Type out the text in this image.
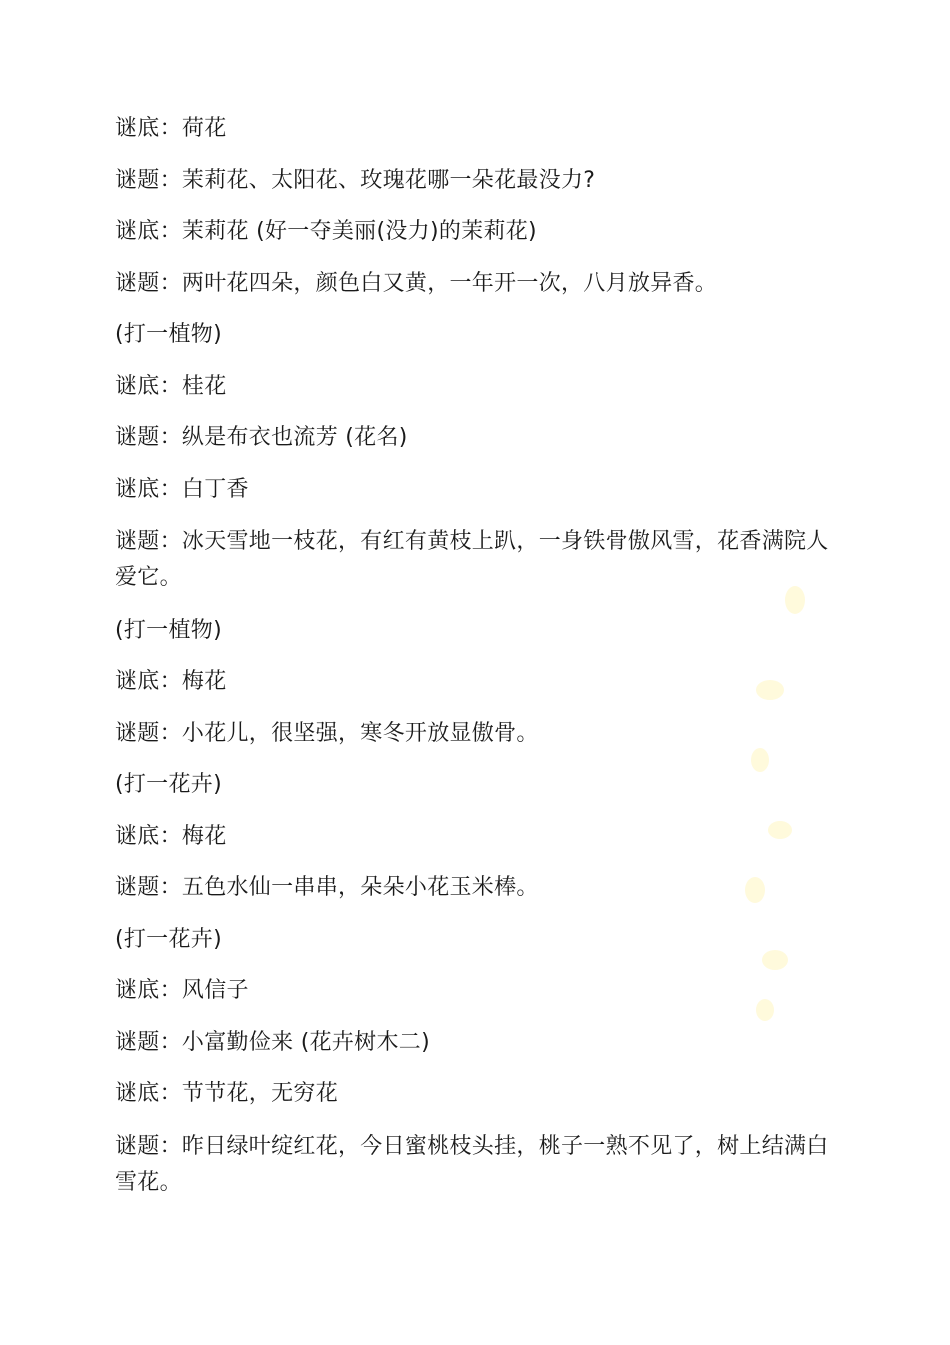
谜底：荷花

谜题：茉莉花、太阳花、玫瑰花哪一朵花最没力?

谜底：茉莉花 (好一夺美丽(没力)的茉莉花)

谜题：两叶花四朵，颜色白又黄，一年开一次，八月放异香。

(打一植物)

谜底：桂花

谜题：纵是布衣也流芳 (花名)

谜底：白丁香

谜题：冰天雪地一枝花，有红有黄枝上趴，一身铁骨傲风雪，花香满院人爱它。

(打一植物)

谜底：梅花

谜题：小花儿，很坚强，寒冬开放显傲骨。

(打一花卉)

谜底：梅花

谜题：五色水仙一串串，朵朵小花玉米棒。

(打一花卉)

谜底：风信子

谜题：小富勤俭来 (花卉树木二)

谜底：节节花，无穷花

谜题：昨日绿叶绽红花，今日蜜桃枝头挂，桃子一熟不见了，树上结满白雪花。
